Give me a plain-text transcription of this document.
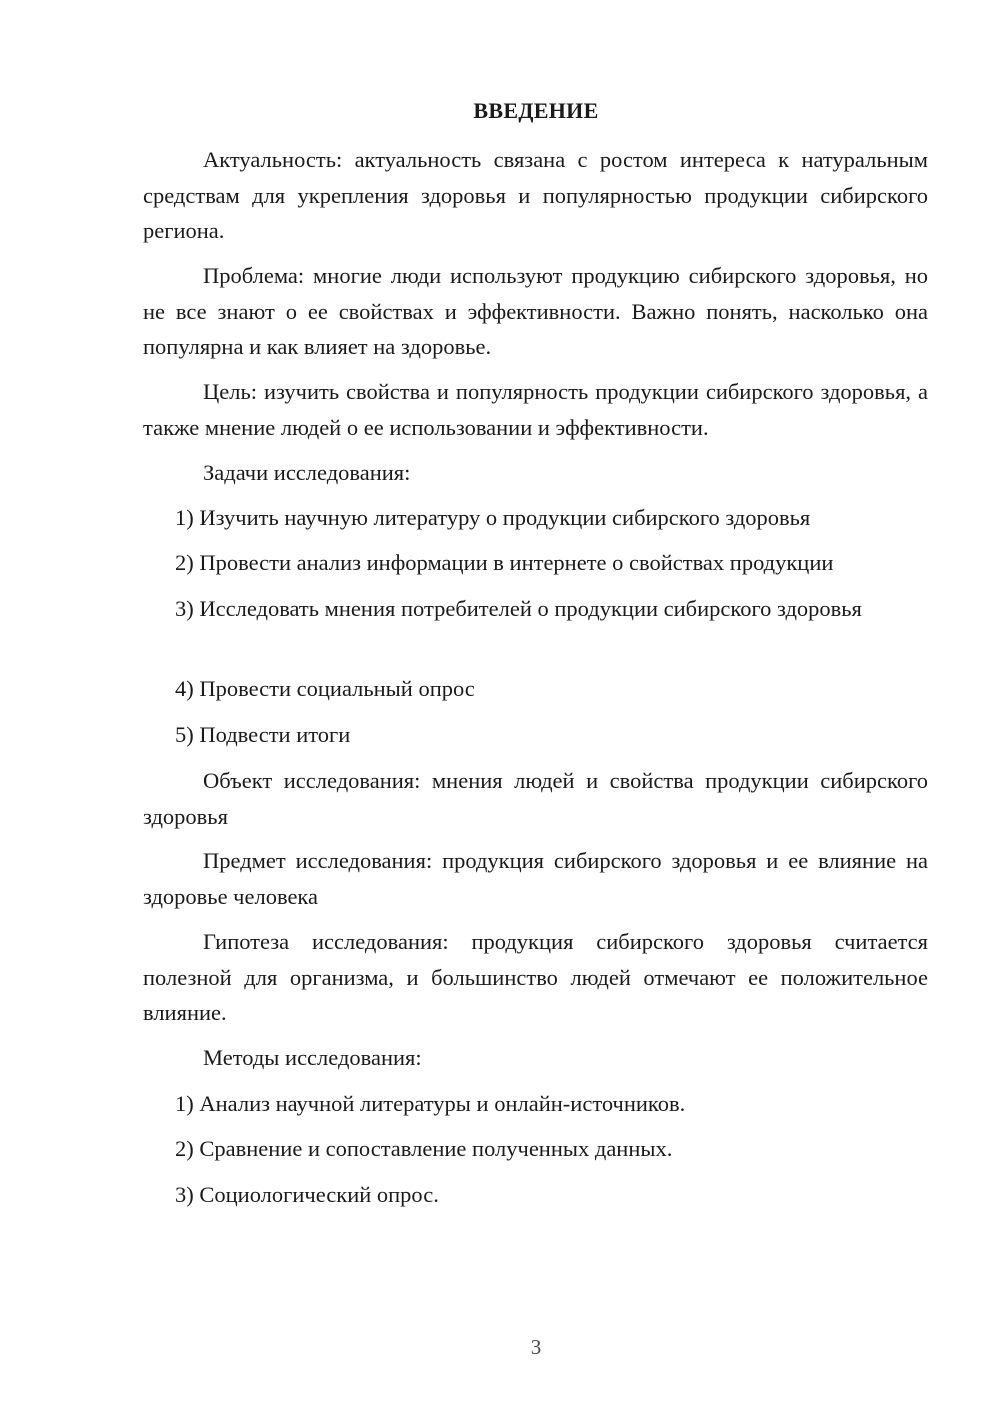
ВВЕДЕНИЕ

Актуальность: актуальность связана с ростом интереса к натуральным средствам для укрепления здоровья и популярностью продукции сибирского региона.

Проблема: многие люди используют продукцию сибирского здоровья, но не все знают о ее свойствах и эффективности. Важно понять, насколько она популярна и как влияет на здоровье.

Цель: изучить свойства и популярность продукции сибирского здоровья, а также мнение людей о ее использовании и эффективности.

Задачи исследования:

1) Изучить научную литературу о продукции сибирского здоровья

2) Провести анализ информации в интернете о свойствах продукции

3) Исследовать мнения потребителей о продукции сибирского здоровья

4) Провести социальный опрос

5) Подвести итоги

Объект исследования: мнения людей и свойства продукции сибирского здоровья

Предмет исследования: продукция сибирского здоровья и ее влияние на здоровье человека

Гипотеза исследования: продукция сибирского здоровья считается полезной для организма, и большинство людей отмечают ее положительное влияние.

Методы исследования:

1) Анализ научной литературы и онлайн-источников.

2) Сравнение и сопоставление полученных данных.

3) Социологический опрос.

3
